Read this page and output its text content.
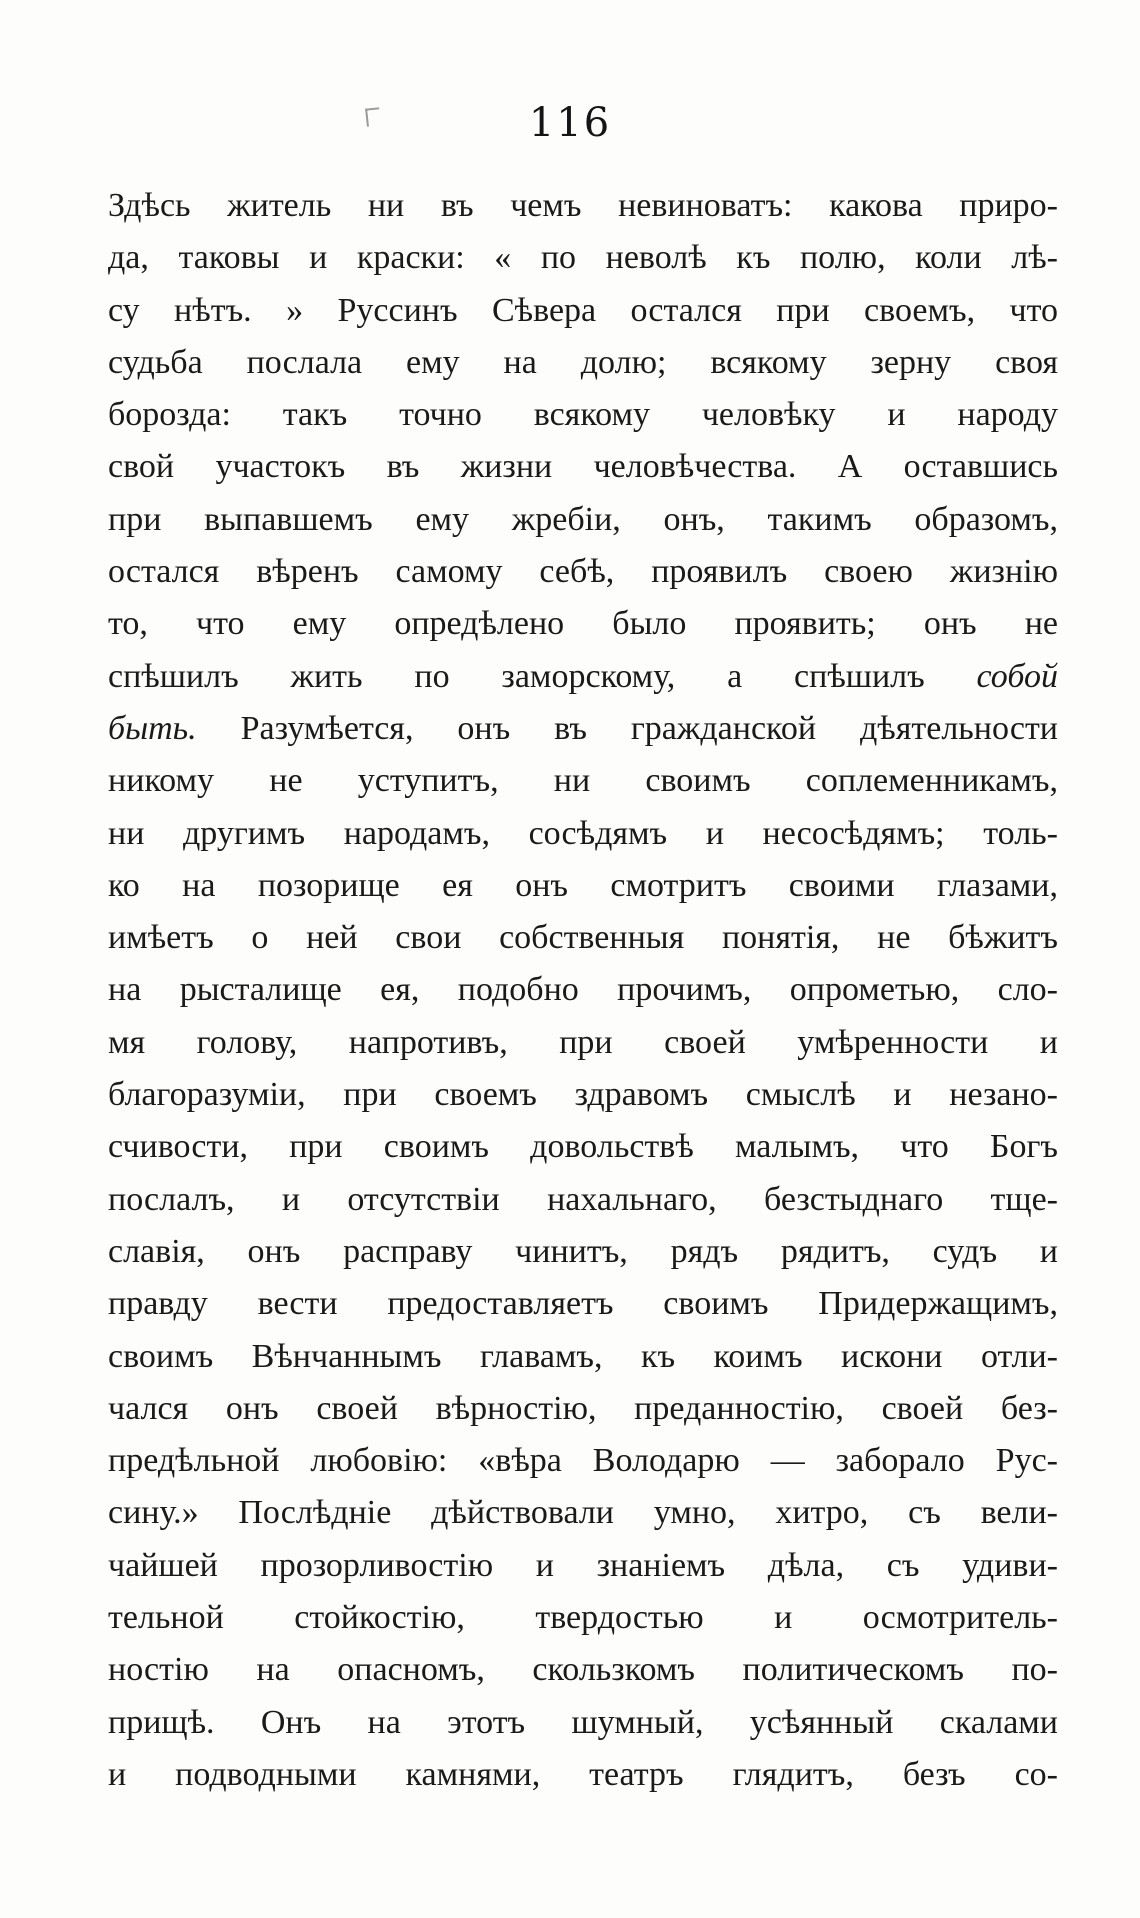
116
Здѣсь житель ни въ чемъ невиноватъ: какова приро-
да, таковы и краски: « по неволѣ къ полю, коли лѣ-
су нѣтъ. » Руссинъ Сѣвера остался при своемъ, что
судьба послала ему на долю; всякому зерну своя
борозда: такъ точно всякому человѣку и народу
свой участокъ въ жизни человѣчества. А оставшись
при выпавшемъ ему жребіи, онъ, такимъ образомъ,
остался вѣренъ самому себѣ, проявилъ своею жизнію
то, что ему опредѣлено было проявить; онъ не
спѣшилъ жить по заморскому, а спѣшилъ собой
быть. Разумѣется, онъ въ гражданской дѣятельности
никому не уступитъ, ни своимъ соплеменникамъ,
ни другимъ народамъ, сосѣдямъ и несосѣдямъ; толь-
ко на позорище ея онъ смотритъ своими глазами,
имѣетъ о ней свои собственныя понятія, не бѣжитъ
на рысталище ея, подобно прочимъ, опрометью, сло-
мя голову, напротивъ, при своей умѣренности и
благоразуміи, при своемъ здравомъ смыслѣ и незано-
счивости, при своимъ довольствѣ малымъ, что Богъ
послалъ, и отсутствіи нахальнаго, безстыднаго тще-
славія, онъ расправу чинитъ, рядъ рядитъ, судъ и
правду вести предоставляетъ своимъ Придержащимъ,
своимъ Вѣнчаннымъ главамъ, къ коимъ искони отли-
чался онъ своей вѣрностію, преданностію, своей без-
предѣльной любовію: «вѣра Володарю — заборало Рус-
сину.» Послѣдніе дѣйствовали умно, хитро, съ вели-
чайшей прозорливостію и знаніемъ дѣла, съ удиви-
тельной стойкостію, твердостью и осмотритель-
ностію на опасномъ, скользкомъ политическомъ по-
прищѣ. Онъ на этотъ шумный, усѣянный скалами
и подводными камнями, театръ глядитъ, безъ со-
